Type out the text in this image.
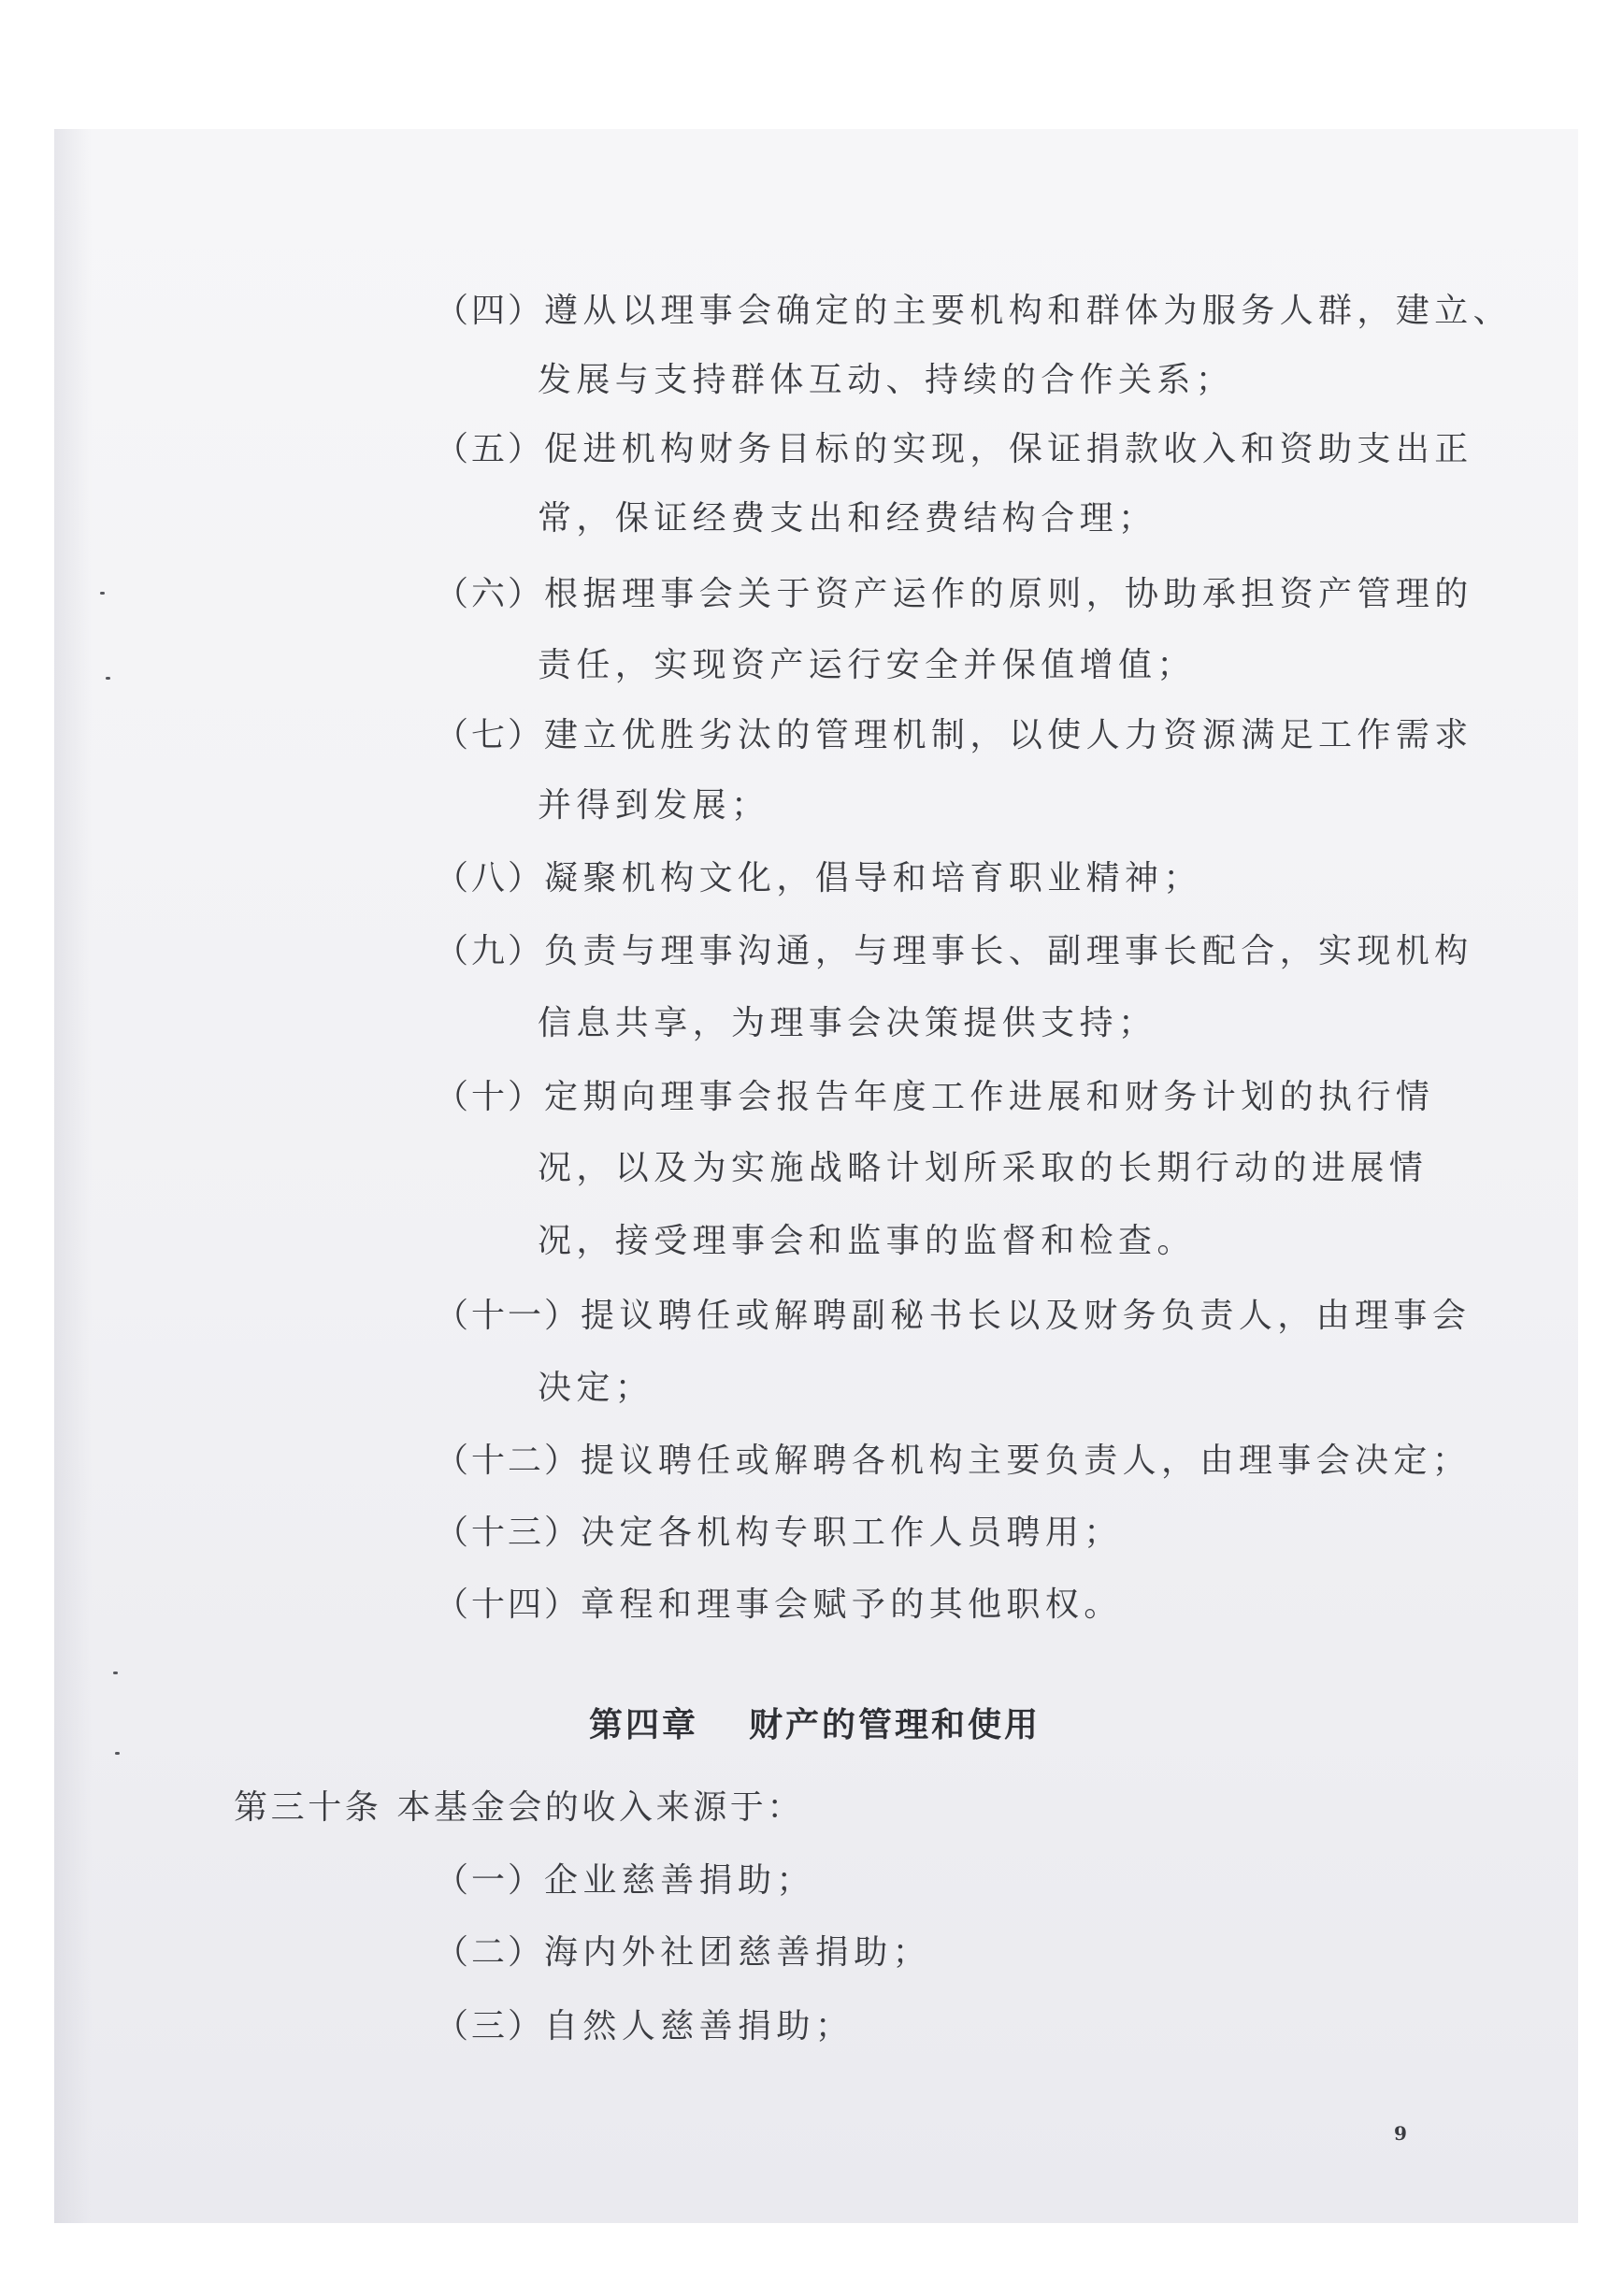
（四）遵从以理事会确定的主要机构和群体为服务人群，建立、
发展与支持群体互动、持续的合作关系；
（五）促进机构财务目标的实现，保证捐款收入和资助支出正
常，保证经费支出和经费结构合理；
（六）根据理事会关于资产运作的原则，协助承担资产管理的
责任，实现资产运行安全并保值增值；
（七）建立优胜劣汰的管理机制，以使人力资源满足工作需求
并得到发展；
（八）凝聚机构文化，倡导和培育职业精神；
（九）负责与理事沟通，与理事长、副理事长配合，实现机构
信息共享，为理事会决策提供支持；
（十）定期向理事会报告年度工作进展和财务计划的执行情
况，以及为实施战略计划所采取的长期行动的进展情
况，接受理事会和监事的监督和检查。
（十一）提议聘任或解聘副秘书长以及财务负责人，由理事会
决定；
（十二）提议聘任或解聘各机构主要负责人，由理事会决定；
（十三）决定各机构专职工作人员聘用；
（十四）章程和理事会赋予的其他职权。
第四章 财产的管理和使用
第三十条 本基金会的收入来源于：
（一）企业慈善捐助；
（二）海内外社团慈善捐助；
（三）自然人慈善捐助；
9
